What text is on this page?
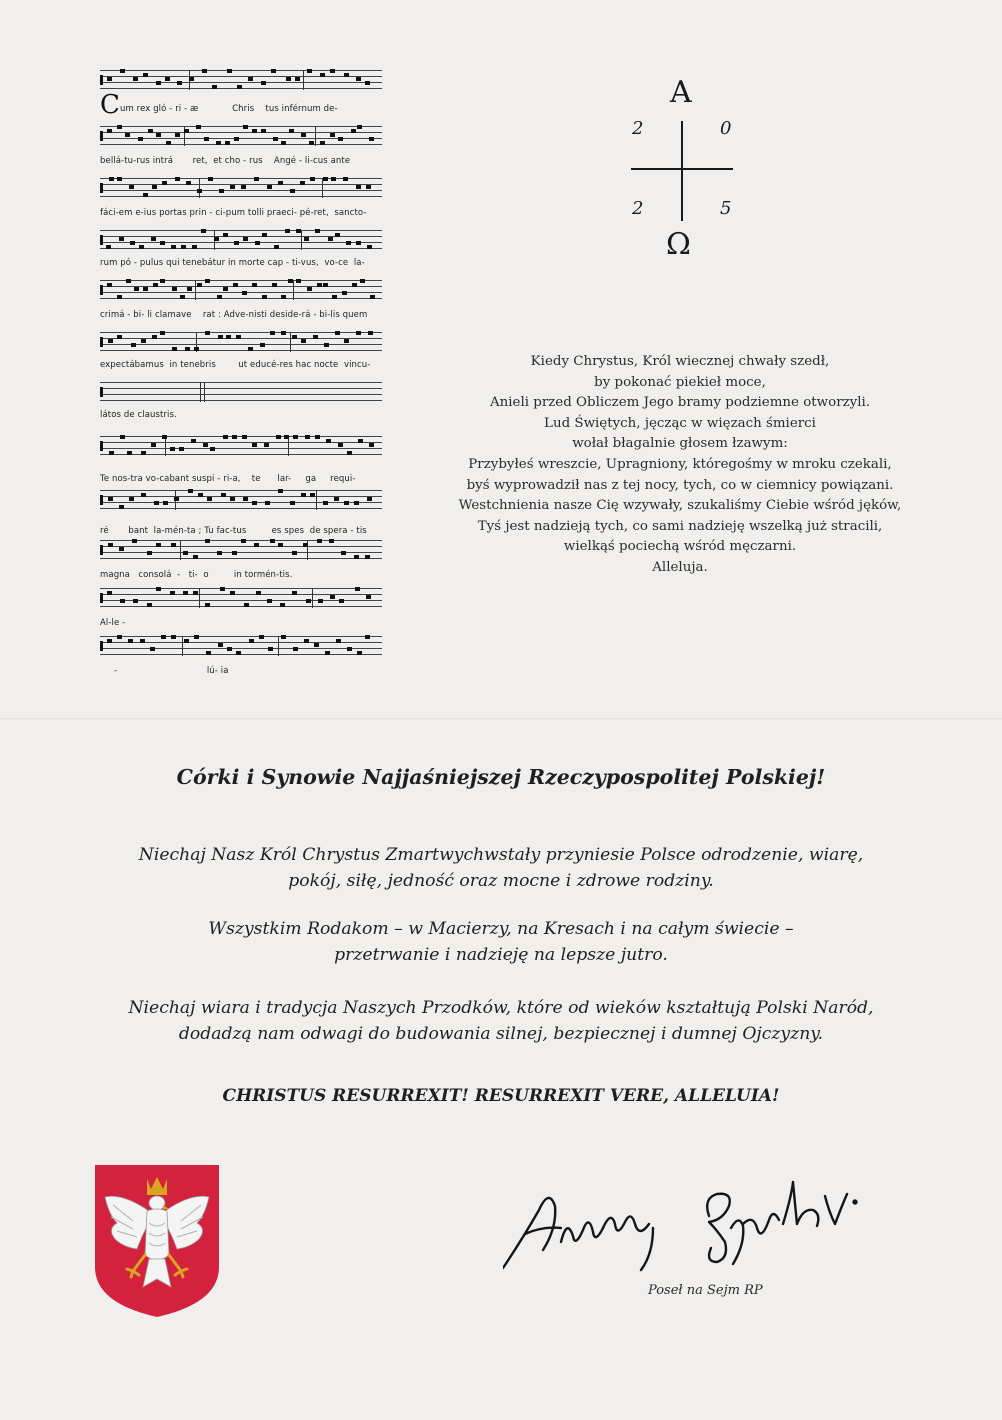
C um rex gló - ri - æ            Chris    tus inférnum de-
bellá-tu-rus intrá       ret,  et cho - rus    Angé - li-cus ante
fáci-em e-ius portas prin - ci-pum tolli praeci- pé-ret,  sancto-
rum pó - pulus qui tenebátur in morte cap - ti-vus,  vo-ce  la-
crimá - bi- li clamave    rat : Adve-nisti deside-rá - bi-lis quem
expectábamus  in tenebris        ut educé-res hac nocte  vincu-
látos de claustris.
Te nos-tra vo-cabant suspi - ri-a,    te      lar-     ga     requi-
ré       bant  la-mén-ta ; Tu fac-tus         es spes  de spera - tis
magna   consolá  -   ti-  o         in tormén-tis.
Al-le -
-                                lú- ia
A
2	0
2	5
Ω
Kiedy Chrystus, Król wiecznej chwały szedł,
by pokonać piekieł moce,
Anieli przed Obliczem Jego bramy podziemne otworzyli.
Lud Świętych, jęcząc w więzach śmierci
wołał błagalnie głosem łzawym:
Przybyłeś wreszcie, Upragniony, któregośmy w mroku czekali,
byś wyprowadził nas z tej nocy, tych, co w ciemnicy powiązani.
Westchnienia nasze Cię wzywały, szukaliśmy Ciebie wśród jęków,
Tyś jest nadzieją tych, co sami nadzieję wszelką już stracili,
wielkąś pociechą wśród męczarni.
Alleluja.
Córki i Synowie Najjaśniejszej Rzeczypospolitej Polskiej!
Niechaj Nasz Król Chrystus Zmartwychwstały przyniesie Polsce odrodzenie, wiarę,
pokój, siłę, jedność oraz mocne i zdrowe rodziny.
Wszystkim Rodakom – w Macierzy, na Kresach i na całym świecie –
przetrwanie i nadzieję na lepsze jutro.
Niechaj wiara i tradycja Naszych Przodków, które od wieków kształtują Polski Naród,
dodadzą nam odwagi do budowania silnej, bezpiecznej i dumnej Ojczyzny.
CHRISTUS RESURREXIT! RESURREXIT VERE, ALLELUIA!
Poseł na Sejm RP
